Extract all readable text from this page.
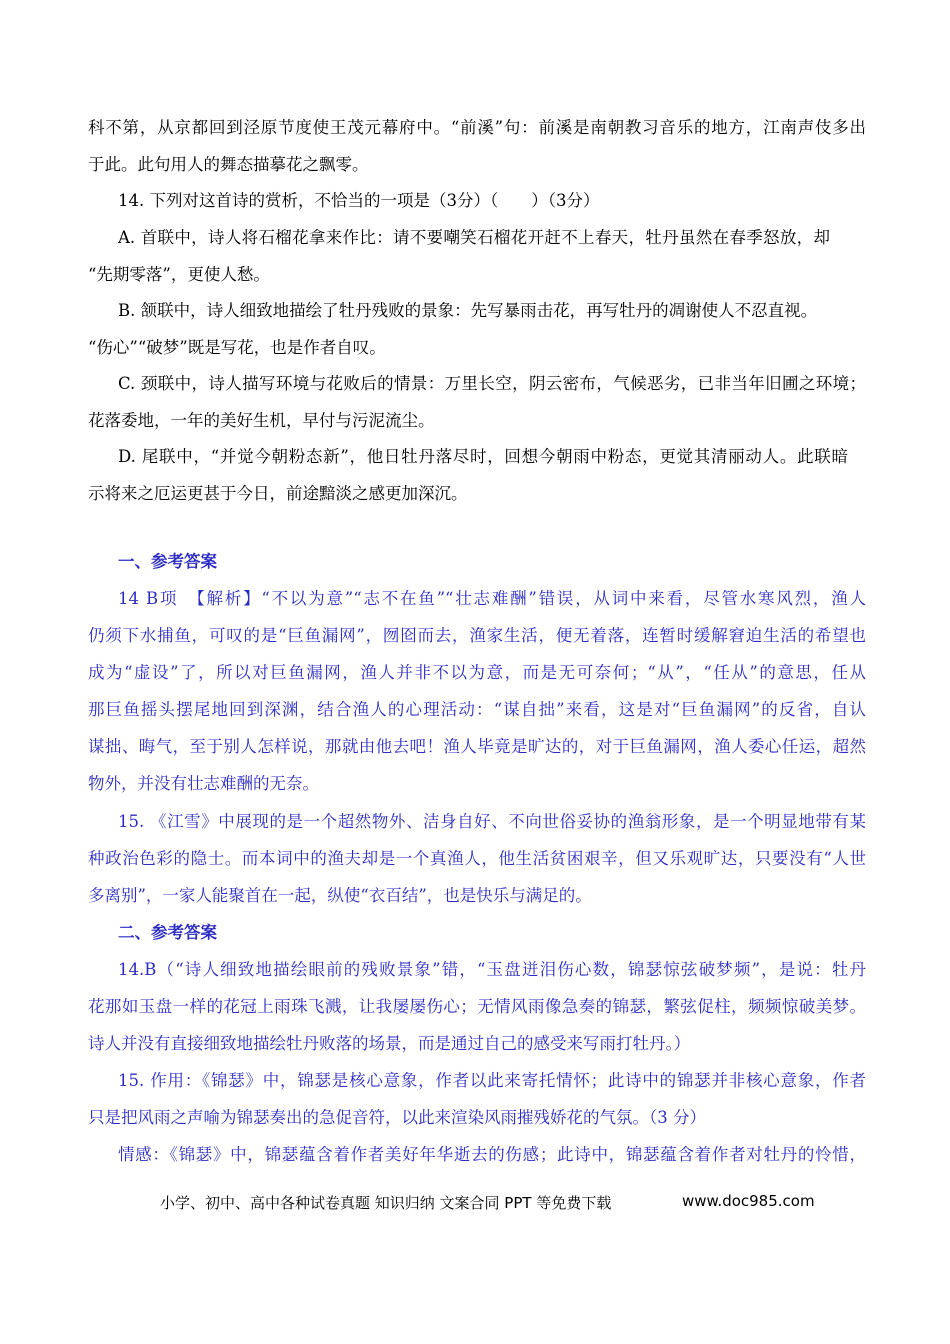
科不第，从京都回到泾原节度使王茂元幕府中。“前溪”句：前溪是南朝教习音乐的地方，江南声伎多出
于此。此句用人的舞态描摹花之飘零。
14. 下列对这首诗的赏析，不恰当的一项是（3分）（　　）（3分）
A. 首联中，诗人将石榴花拿来作比：请不要嘲笑石榴花开赶不上春天，牡丹虽然在春季怒放，却
“先期零落”，更使人愁。
B. 颔联中，诗人细致地描绘了牡丹残败的景象：先写暴雨击花，再写牡丹的凋谢使人不忍直视。
“伤心”“破梦”既是写花，也是作者自叹。
C. 颈联中，诗人描写环境与花败后的情景：万里长空，阴云密布，气候恶劣，已非当年旧圃之环境；
花落委地，一年的美好生机，早付与污泥流尘。
D. 尾联中，“并觉今朝粉态新”，他日牡丹落尽时，回想今朝雨中粉态，更觉其清丽动人。此联暗
示将来之厄运更甚于今日，前途黯淡之感更加深沉。
一、参考答案
14 B项　【解析】“不以为意”“志不在鱼”“壮志难酬”错误，从词中来看，尽管水寒风烈，渔人
仍须下水捕鱼，可叹的是“巨鱼漏网”，囫囵而去，渔家生活，便无着落，连暂时缓解窘迫生活的希望也
成为“虚设”了，所以对巨鱼漏网，渔人并非不以为意，而是无可奈何；“从”，“任从”的意思，任从
那巨鱼摇头摆尾地回到深渊，结合渔人的心理活动：“谋自拙”来看，这是对“巨鱼漏网”的反省，自认
谋拙、晦气，至于别人怎样说，那就由他去吧！渔人毕竟是旷达的，对于巨鱼漏网，渔人委心任运，超然
物外，并没有壮志难酬的无奈。
15. 《江雪》中展现的是一个超然物外、洁身自好、不向世俗妥协的渔翁形象，是一个明显地带有某
种政治色彩的隐士。而本词中的渔夫却是一个真渔人，他生活贫困艰辛，但又乐观旷达，只要没有“人世
多离别”，一家人能聚首在一起，纵使“衣百结”，也是快乐与满足的。
二、参考答案
14.B（“诗人细致地描绘眼前的残败景象”错，“玉盘迸泪伤心数，锦瑟惊弦破梦频”，是说：牡丹
花那如玉盘一样的花冠上雨珠飞溅，让我屡屡伤心；无情风雨像急奏的锦瑟，繁弦促柱，频频惊破美梦。
诗人并没有直接细致地描绘牡丹败落的场景，而是通过自己的感受来写雨打牡丹。）
15. 作用：《锦瑟》中，锦瑟是核心意象，作者以此来寄托情怀；此诗中的锦瑟并非核心意象，作者
只是把风雨之声喻为锦瑟奏出的急促音符，以此来渲染风雨摧残娇花的气氛。（3 分）
情感：《锦瑟》中，锦瑟蕴含着作者美好年华逝去的伤感；此诗中，锦瑟蕴含着作者对牡丹的怜惜，
小学、初中、高中各种试卷真题 知识归纳 文案合同 PPT 等免费下载	www.doc985.com
